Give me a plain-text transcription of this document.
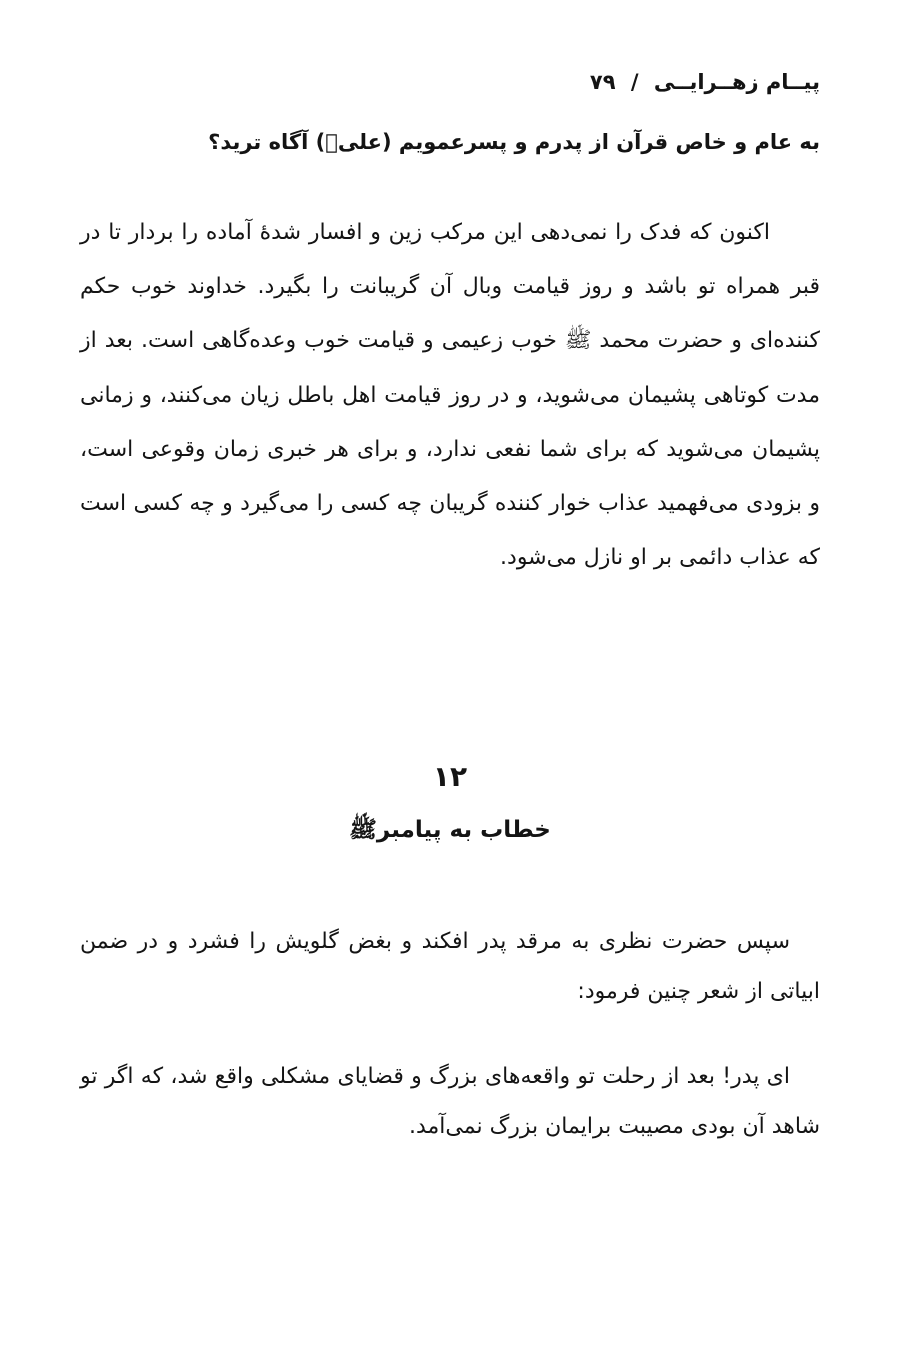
پیــام زهــرایــی / ۷۹
به عام و خاص قرآن از پدرم و پسرعمویم (علیؑ) آگاه ترید؟
اکنون که فدک را نمی‌دهی این مرکب زین و افسار شدهٔ آماده را بردار تا در قبر همراه تو باشد و روز قیامت وبال آن گریبانت را بگیرد. خداوند خوب حکم کننده‌ای و حضرت محمد ﷺ خوب زعیمی و قیامت خوب وعده‌گاهی است. بعد از مدت کوتاهی پشیمان می‌شوید، و در روز قیامت اهل باطل زیان می‌کنند، و زمانی پشیمان می‌شوید که برای شما نفعی ندارد، و برای هر خبری زمان وقوعی است، و بزودی می‌فهمید عذاب خوار کننده گریبان چه کسی را می‌گیرد و چه کسی است که عذاب دائمی بر او نازل می‌شود.
۱۲
خطاب به پیامبرﷺ
سپس حضرت نظری به مرقد پدر افکند و بغض گلویش را فشرد و در ضمن ابیاتی از شعر چنین فرمود:
ای پدر! بعد از رحلت تو واقعه‌های بزرگ و قضایای مشکلی واقع شد، که اگر تو شاهد آن بودی مصیبت برایمان بزرگ نمی‌آمد.
